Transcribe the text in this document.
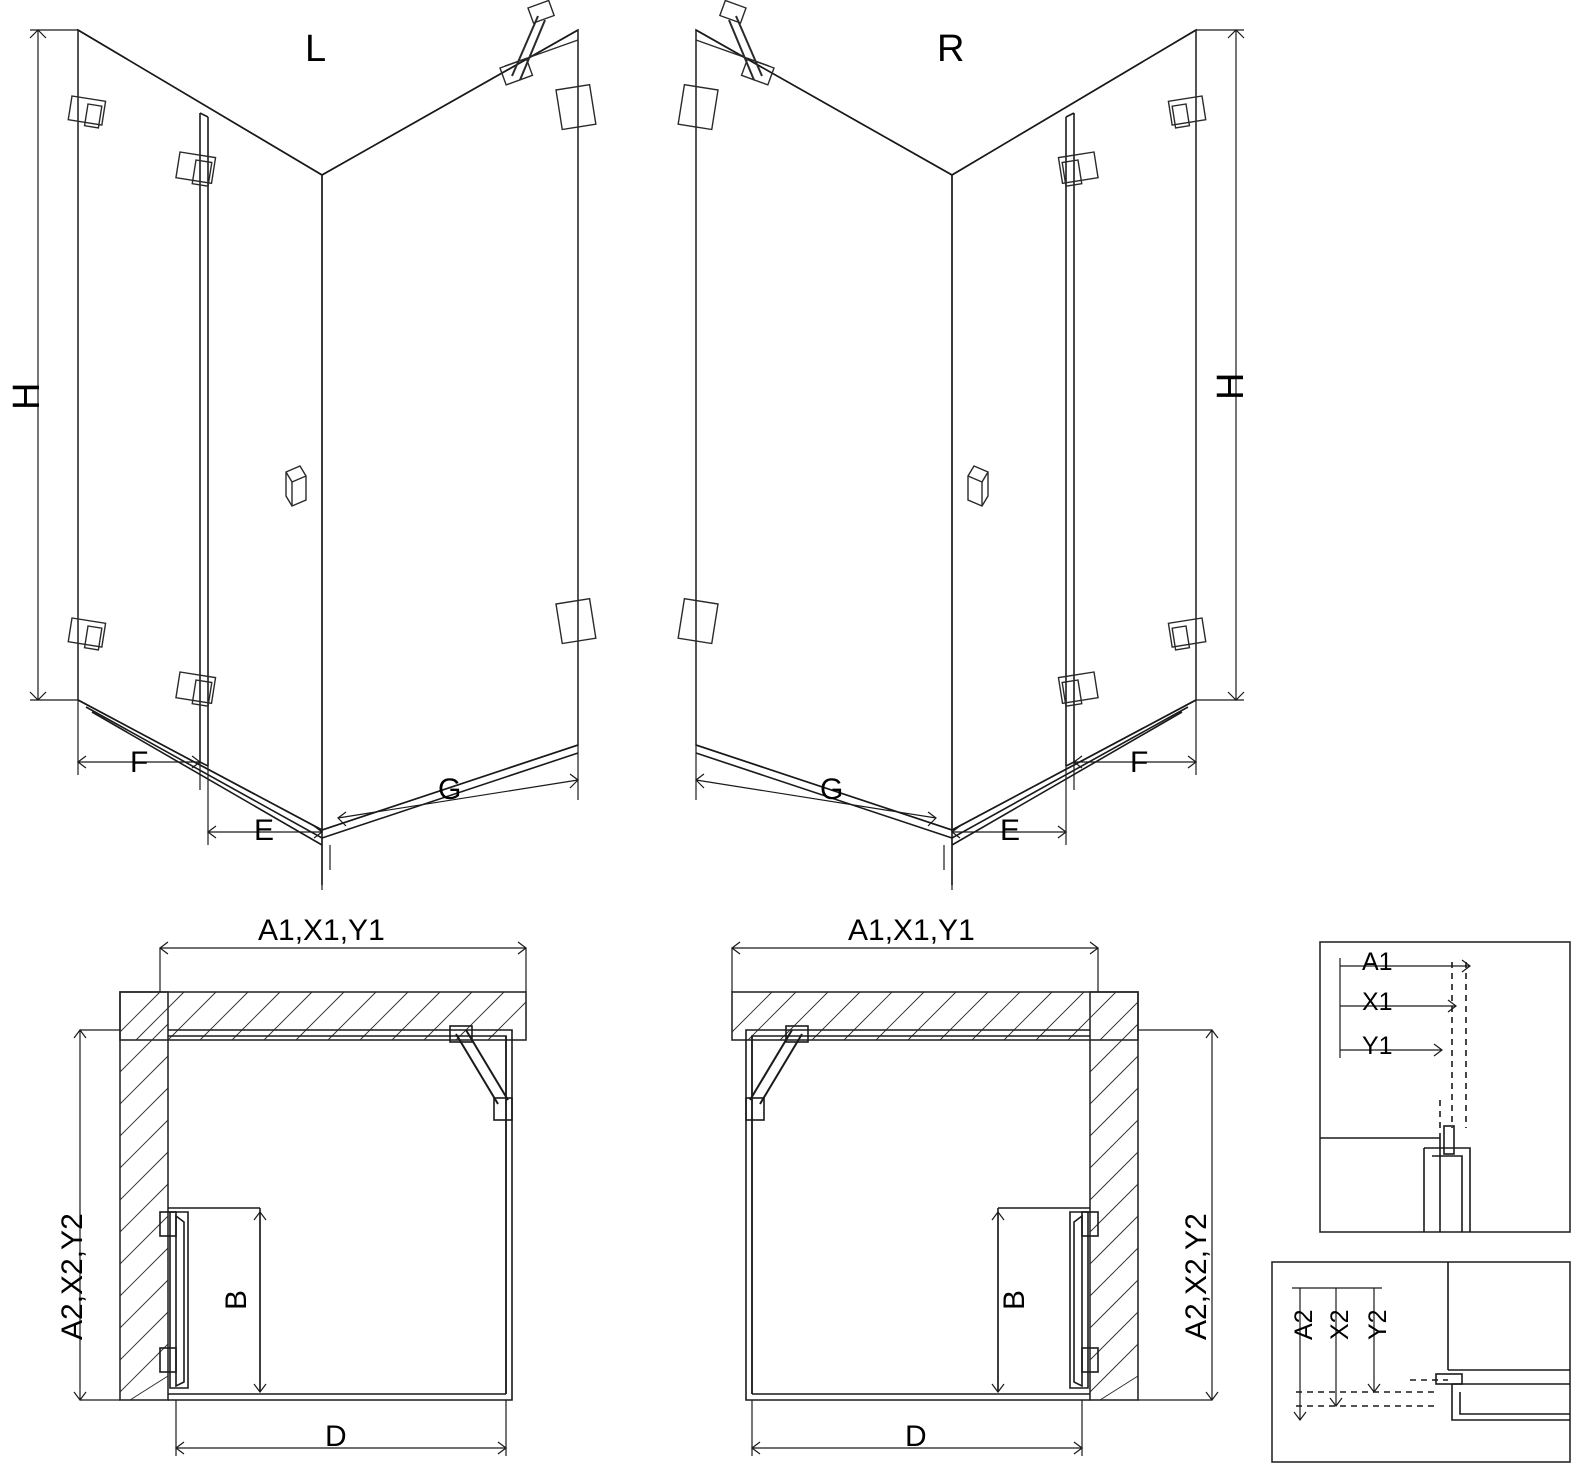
L
H
F
E
G
R
H
F
E
G
A1,X1,Y1
A2,X2,Y2	B
D
A1,X1,Y1
A2,X2,Y2
B
D
A1
X1
Y1
A2 X2 Y2
